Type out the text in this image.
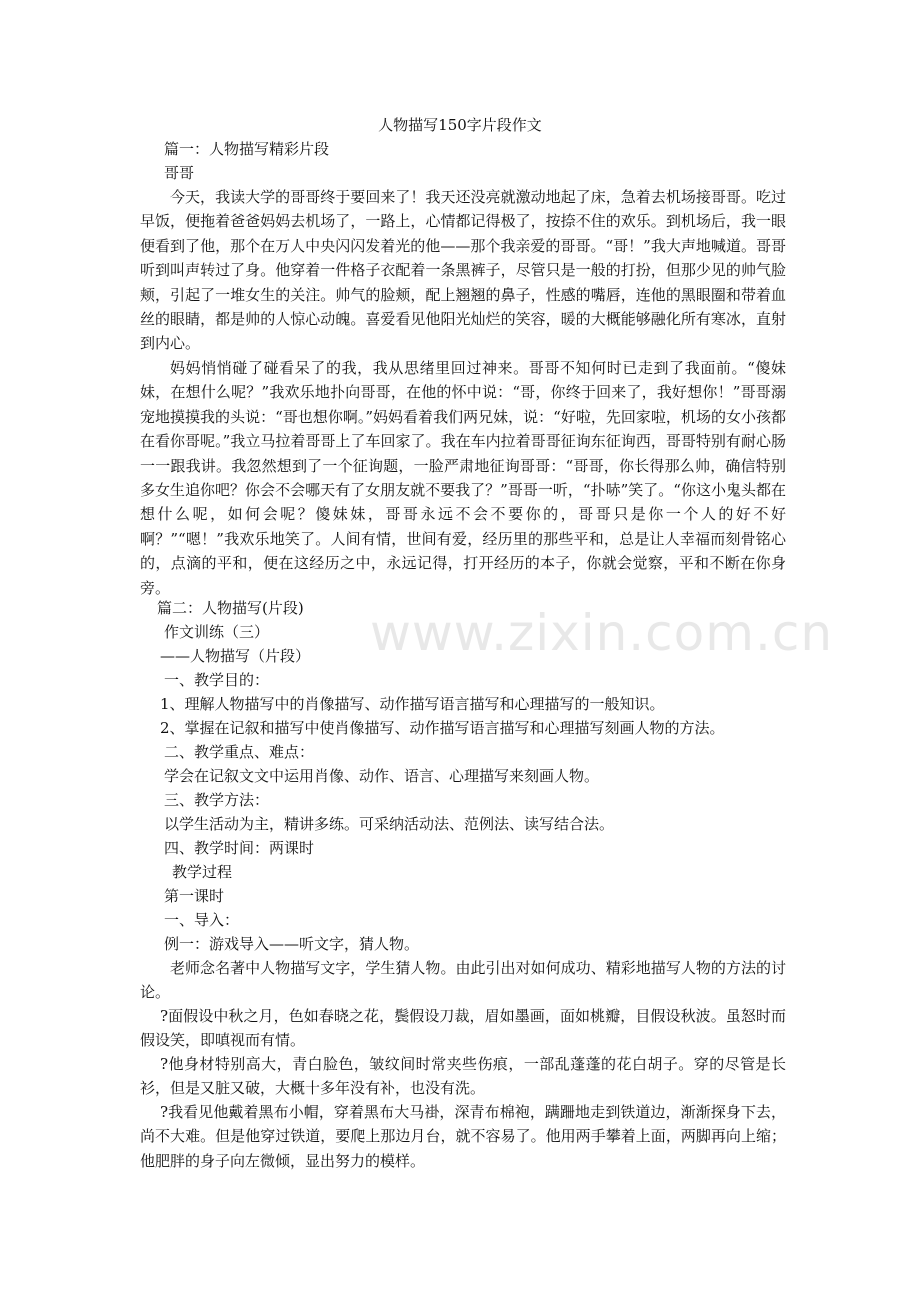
www.zixin.com.cn
人物描写150字片段作文
篇一：人物描写精彩片段
哥哥
今天，我读大学的哥哥终于要回来了！我天还没亮就激动地起了床，急着去机场接哥哥。吃过早饭，便拖着爸爸妈妈去机场了，一路上，心情都记得极了，按捺不住的欢乐。到机场后，我一眼便看到了他，那个在万人中央闪闪发着光的他——那个我亲爱的哥哥。“哥！”我大声地喊道。哥哥听到叫声转过了身。他穿着一件格子衣配着一条黑裤子，尽管只是一般的打扮，但那少见的帅气脸颊，引起了一堆女生的关注。帅气的脸颊，配上翘翘的鼻子，性感的嘴唇，连他的黑眼圈和带着血丝的眼睛，都是帅的人惊心动魄。喜爱看见他阳光灿烂的笑容，暖的大概能够融化所有寒冰，直射到内心。
妈妈悄悄碰了碰看呆了的我，我从思绪里回过神来。哥哥不知何时已走到了我面前。“傻妹妹，在想什么呢？”我欢乐地扑向哥哥，在他的怀中说：“哥，你终于回来了，我好想你！”哥哥溺宠地摸摸我的头说：“哥也想你啊。”妈妈看着我们两兄妹，说：“好啦，先回家啦，机场的女小孩都在看你哥呢。”我立马拉着哥哥上了车回家了。我在车内拉着哥哥征询东征询西，哥哥特别有耐心肠一一跟我讲。我忽然想到了一个征询题，一脸严肃地征询哥哥：“哥哥，你长得那么帅，确信特别多女生追你吧？你会不会哪天有了女朋友就不要我了？”哥哥一听，“扑哧”笑了。“你这小鬼头都在想什么呢，如何会呢？傻妹妹，哥哥永远不会不要你的，哥哥只是你一个人的好不好啊？”“嗯！”我欢乐地笑了。人间有情，世间有爱，经历里的那些平和，总是让人幸福而刻骨铭心的，点滴的平和，便在这经历之中，永远记得，打开经历的本子，你就会觉察，平和不断在你身旁。
篇二：人物描写(片段)
作文训练（三）
——人物描写（片段）
一、教学目的：
1、理解人物描写中的肖像描写、动作描写语言描写和心理描写的一般知识。
2、掌握在记叙和描写中使肖像描写、动作描写语言描写和心理描写刻画人物的方法。
二、教学重点、难点：
学会在记叙文文中运用肖像、动作、语言、心理描写来刻画人物。
三、教学方法：
以学生活动为主，精讲多练。可采纳活动法、范例法、读写结合法。
四、教学时间：两课时
教学过程
第一课时
一、导入：
例一：游戏导入——听文字，猜人物。
老师念名著中人物描写文字，学生猜人物。由此引出对如何成功、精彩地描写人物的方法的讨论。
?面假设中秋之月，色如春晓之花，鬓假设刀裁，眉如墨画，面如桃瓣，目假设秋波。虽怒时而假设笑，即嗔视而有情。
?他身材特别高大，青白脸色，皱纹间时常夹些伤痕，一部乱蓬蓬的花白胡子。穿的尽管是长衫，但是又脏又破，大概十多年没有补，也没有洗。
?我看见他戴着黑布小帽，穿着黑布大马褂，深青布棉袍，蹒跚地走到铁道边，渐渐探身下去，尚不大难。但是他穿过铁道，要爬上那边月台，就不容易了。他用两手攀着上面，两脚再向上缩；他肥胖的身子向左微倾，显出努力的模样。
